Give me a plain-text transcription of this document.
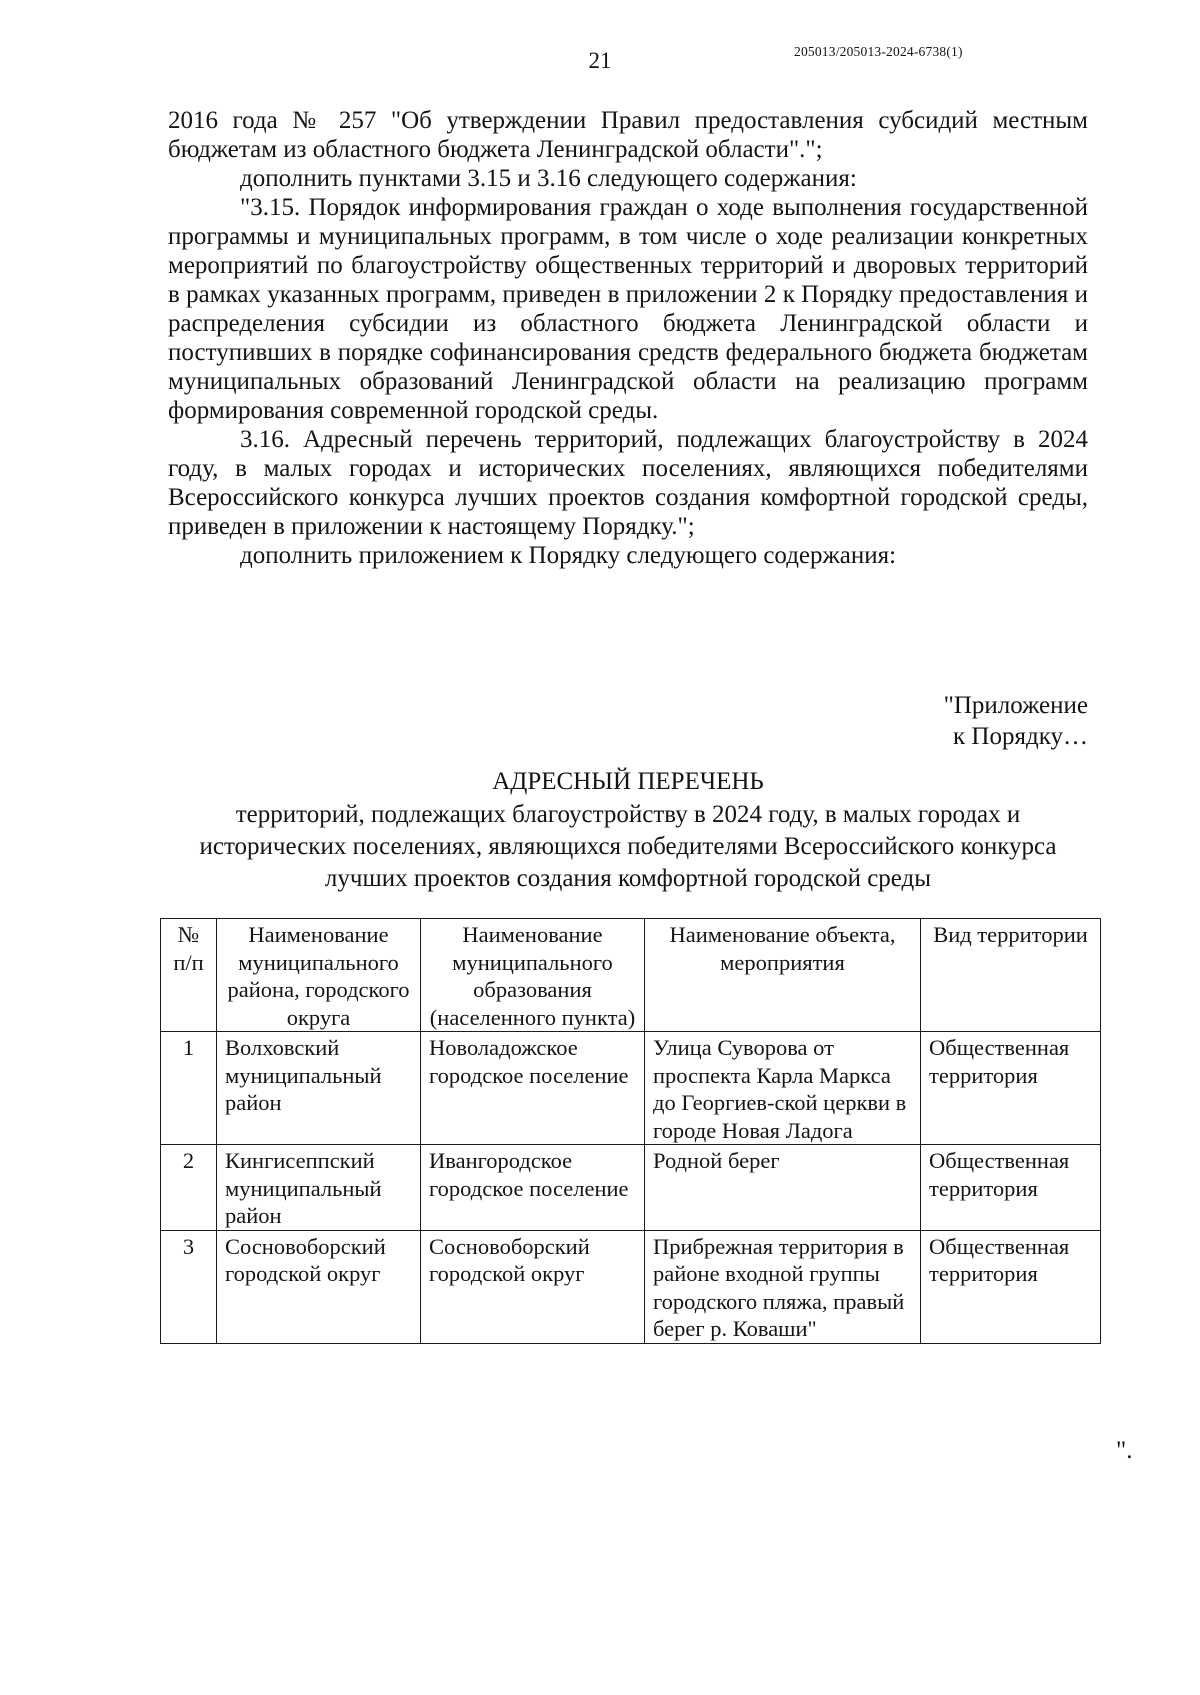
21	205013/205013-2024-6738(1)

2016 года № 257 "Об утверждении Правил предоставления субсидий местным бюджетам из областного бюджета Ленинградской области".";

дополнить пунктами 3.15 и 3.16 следующего содержания:

"3.15. Порядок информирования граждан о ходе выполнения государственной программы и муниципальных программ, в том числе о ходе реализации конкретных мероприятий по благоустройству общественных территорий и дворовых территорий в рамках указанных программ, приведен в приложении 2 к Порядку предоставления и распределения субсидии из областного бюджета Ленинградской области и поступивших в порядке софинансирования средств федерального бюджета бюджетам муниципальных образований Ленинградской области на реализацию программ формирования современной городской среды.

3.16. Адресный перечень территорий, подлежащих благоустройству в 2024 году, в малых городах и исторических поселениях, являющихся победителями Всероссийского конкурса лучших проектов создания комфортной городской среды, приведен в приложении к настоящему Порядку.";

дополнить приложением к Порядку следующего содержания:

"Приложение
к Порядку…
АДРЕСНЫЙ ПЕРЕЧЕНЬ
территорий, подлежащих благоустройству в 2024 году, в малых городах и исторических поселениях, являющихся победителями Всероссийского конкурса лучших проектов создания комфортной городской среды
№ п/п	Наименование муниципального района, городского округа	Наименование муниципального образования (населенного пункта)	Наименование объекта, мероприятия	Вид территории
1	Волховский муниципальный район	Новоладожское городское поселение	Улица Суворова от проспекта Карла Маркса до Георгиев-ской церкви в городе Новая Ладога	Общественная территория
2	Кингисеппский муниципальный район	Ивангородское городское поселение	Родной берег	Общественная территория
3	Сосновоборский городской округ	Сосновоборский городской округ	Прибрежная территория в районе входной группы городского пляжа, правый берег р. Коваши"	Общественная территория
".
